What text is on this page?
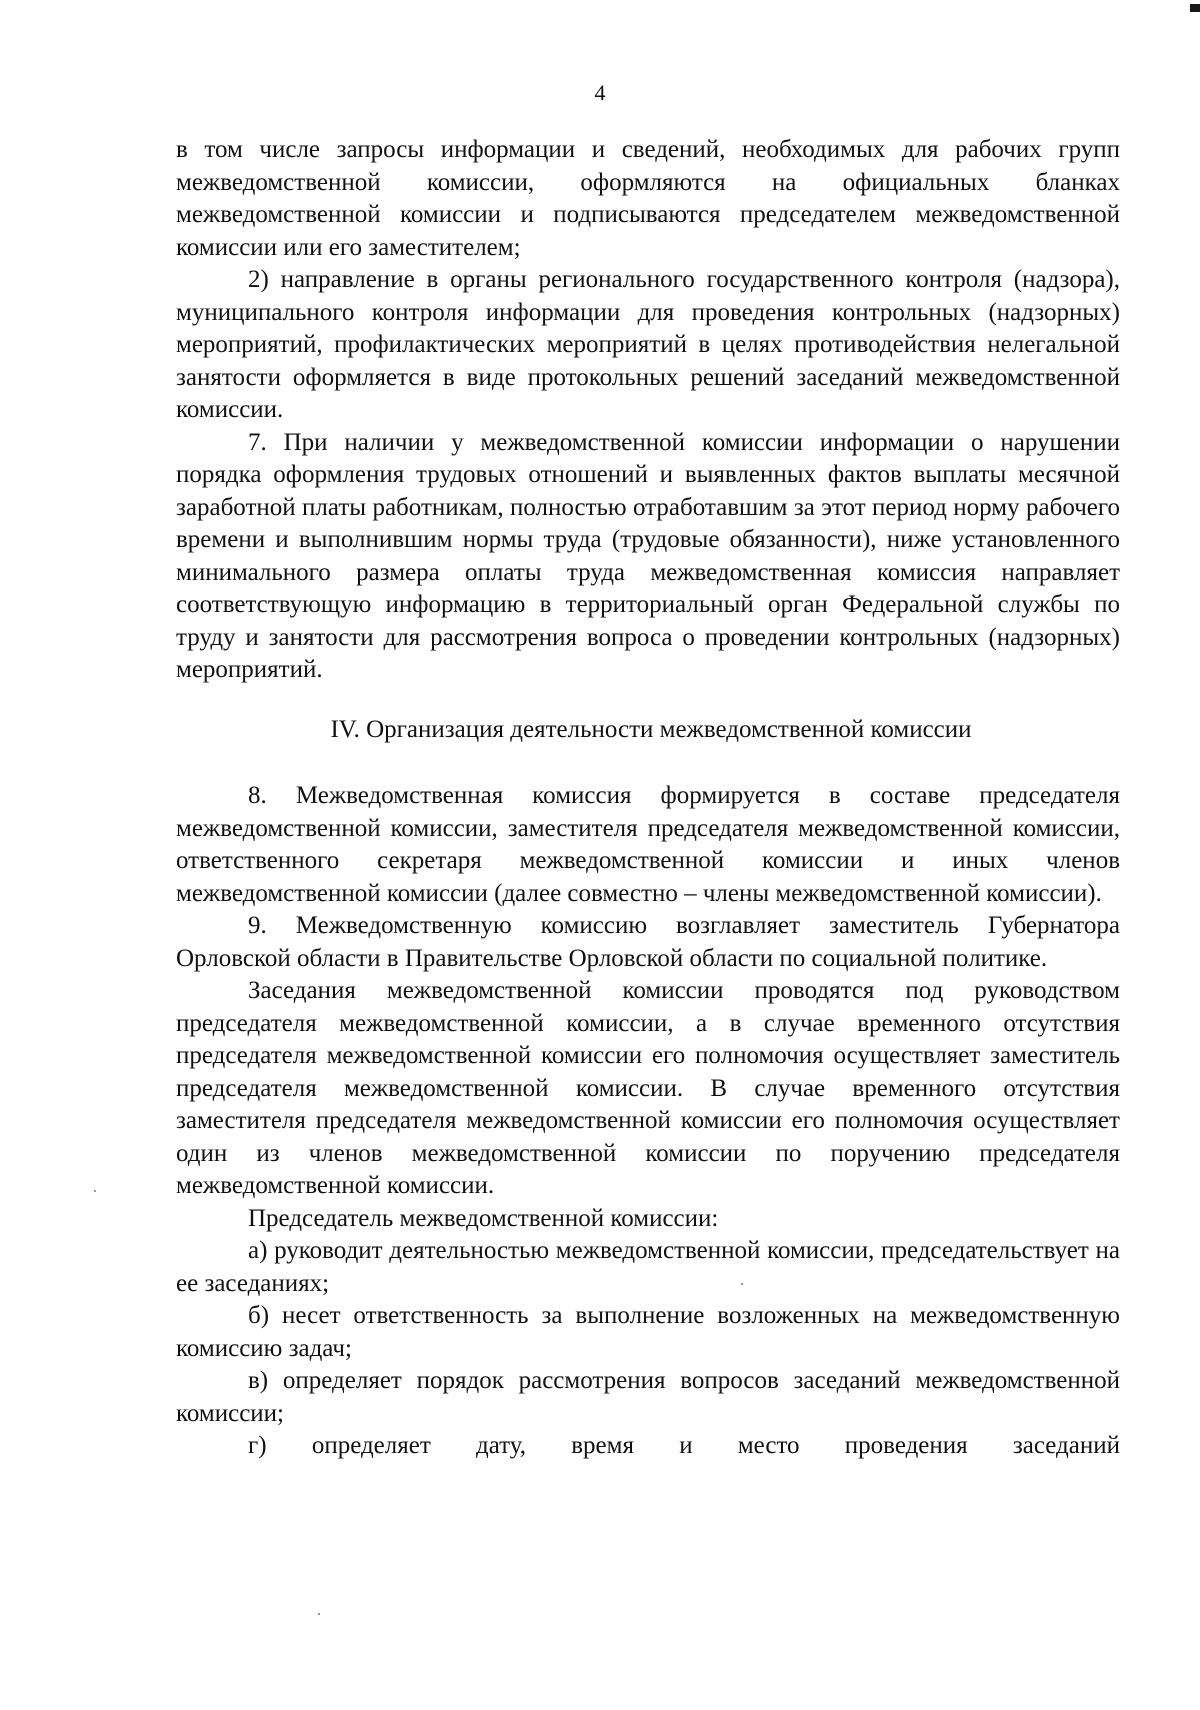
4

в том числе запросы информации и сведений, необходимых для рабочих групп межведомственной комиссии, оформляются на официальных бланках межведомственной комиссии и подписываются председателем межведомственной комиссии или его заместителем;

2) направление в органы регионального государственного контроля (надзора), муниципального контроля информации для проведения контрольных (надзорных) мероприятий, профилактических мероприятий в целях противодействия нелегальной занятости оформляется в виде протокольных решений заседаний межведомственной комиссии.

7. При наличии у межведомственной комиссии информации о нарушении порядка оформления трудовых отношений и выявленных фактов выплаты месячной заработной платы работникам, полностью отработавшим за этот период норму рабочего времени и выполнившим нормы труда (трудовые обязанности), ниже установленного минимального размера оплаты труда межведомственная комиссия направляет соответствующую информацию в территориальный орган Федеральной службы по труду и занятости для рассмотрения вопроса о проведении контрольных (надзорных) мероприятий.

IV. Организация деятельности межведомственной комиссии

8. Межведомственная комиссия формируется в составе председателя межведомственной комиссии, заместителя председателя межведомственной комиссии, ответственного секретаря межведомственной комиссии и иных членов межведомственной комиссии (далее совместно – члены межведомственной комиссии).

9. Межведомственную комиссию возглавляет заместитель Губернатора Орловской области в Правительстве Орловской области по социальной политике.

Заседания межведомственной комиссии проводятся под руководством председателя межведомственной комиссии, а в случае временного отсутствия председателя межведомственной комиссии его полномочия осуществляет заместитель председателя межведомственной комиссии. В случае временного отсутствия заместителя председателя межведомственной комиссии его полномочия осуществляет один из членов межведомственной комиссии по поручению председателя межведомственной комиссии.

Председатель межведомственной комиссии:

а) руководит деятельностью межведомственной комиссии, председательствует на ее заседаниях;

б) несет ответственность за выполнение возложенных на межведомственную комиссию задач;

в) определяет порядок рассмотрения вопросов заседаний межведомственной комиссии;

г) определяет дату, время и место проведения заседаний
